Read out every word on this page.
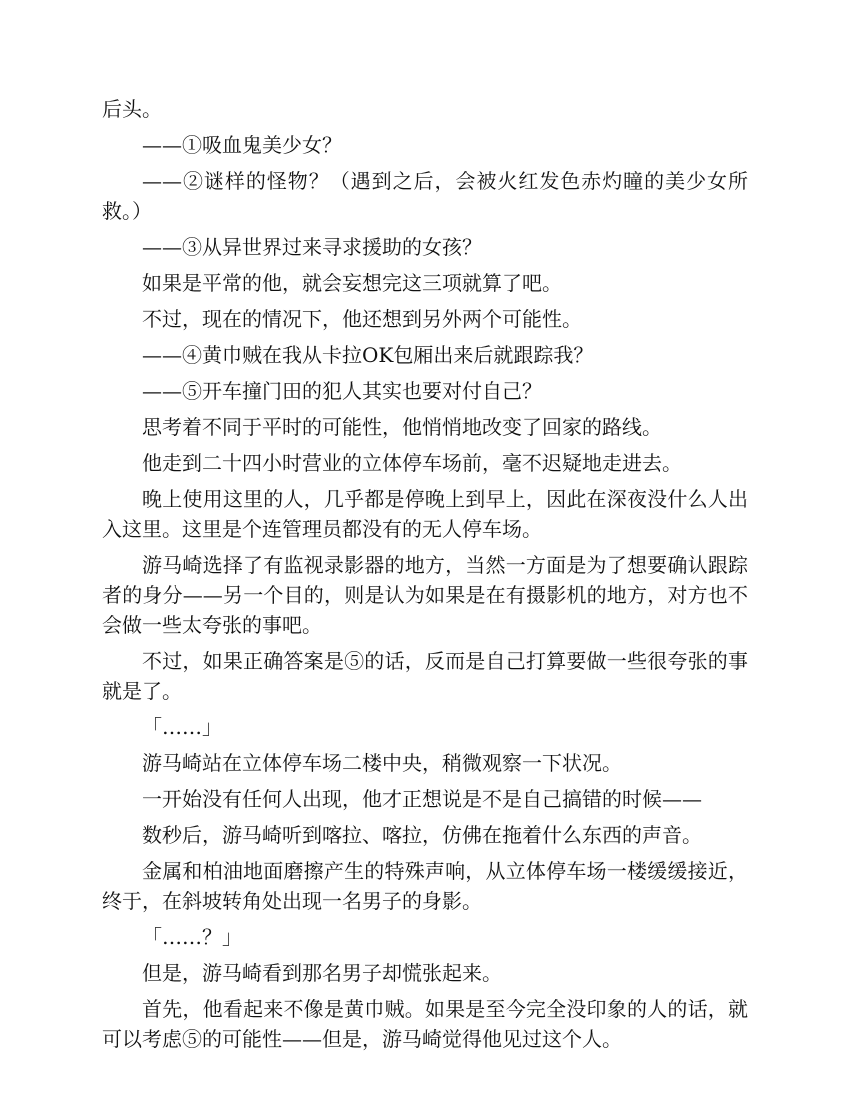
后头。

——①吸血鬼美少女？

——②谜样的怪物？（遇到之后，会被火红发色赤灼瞳的美少女所救。）

——③从异世界过来寻求援助的女孩？

如果是平常的他，就会妄想完这三项就算了吧。

不过，现在的情况下，他还想到另外两个可能性。

——④黄巾贼在我从卡拉OK包厢出来后就跟踪我？

——⑤开车撞门田的犯人其实也要对付自己？

思考着不同于平时的可能性，他悄悄地改变了回家的路线。

他走到二十四小时营业的立体停车场前，毫不迟疑地走进去。

晚上使用这里的人，几乎都是停晚上到早上，因此在深夜没什么人出入这里。这里是个连管理员都没有的无人停车场。

游马崎选择了有监视录影器的地方，当然一方面是为了想要确认跟踪者的身分——另一个目的，则是认为如果是在有摄影机的地方，对方也不会做一些太夸张的事吧。

不过，如果正确答案是⑤的话，反而是自己打算要做一些很夸张的事就是了。

「……」

游马崎站在立体停车场二楼中央，稍微观察一下状况。

一开始没有任何人出现，他才正想说是不是自己搞错的时候——

数秒后，游马崎听到喀拉、喀拉，仿佛在拖着什么东西的声音。

金属和柏油地面磨擦产生的特殊声响，从立体停车场一楼缓缓接近，终于，在斜坡转角处出现一名男子的身影。

「……？」

但是，游马崎看到那名男子却慌张起来。

首先，他看起来不像是黄巾贼。如果是至今完全没印象的人的话，就可以考虑⑤的可能性——但是，游马崎觉得他见过这个人。
